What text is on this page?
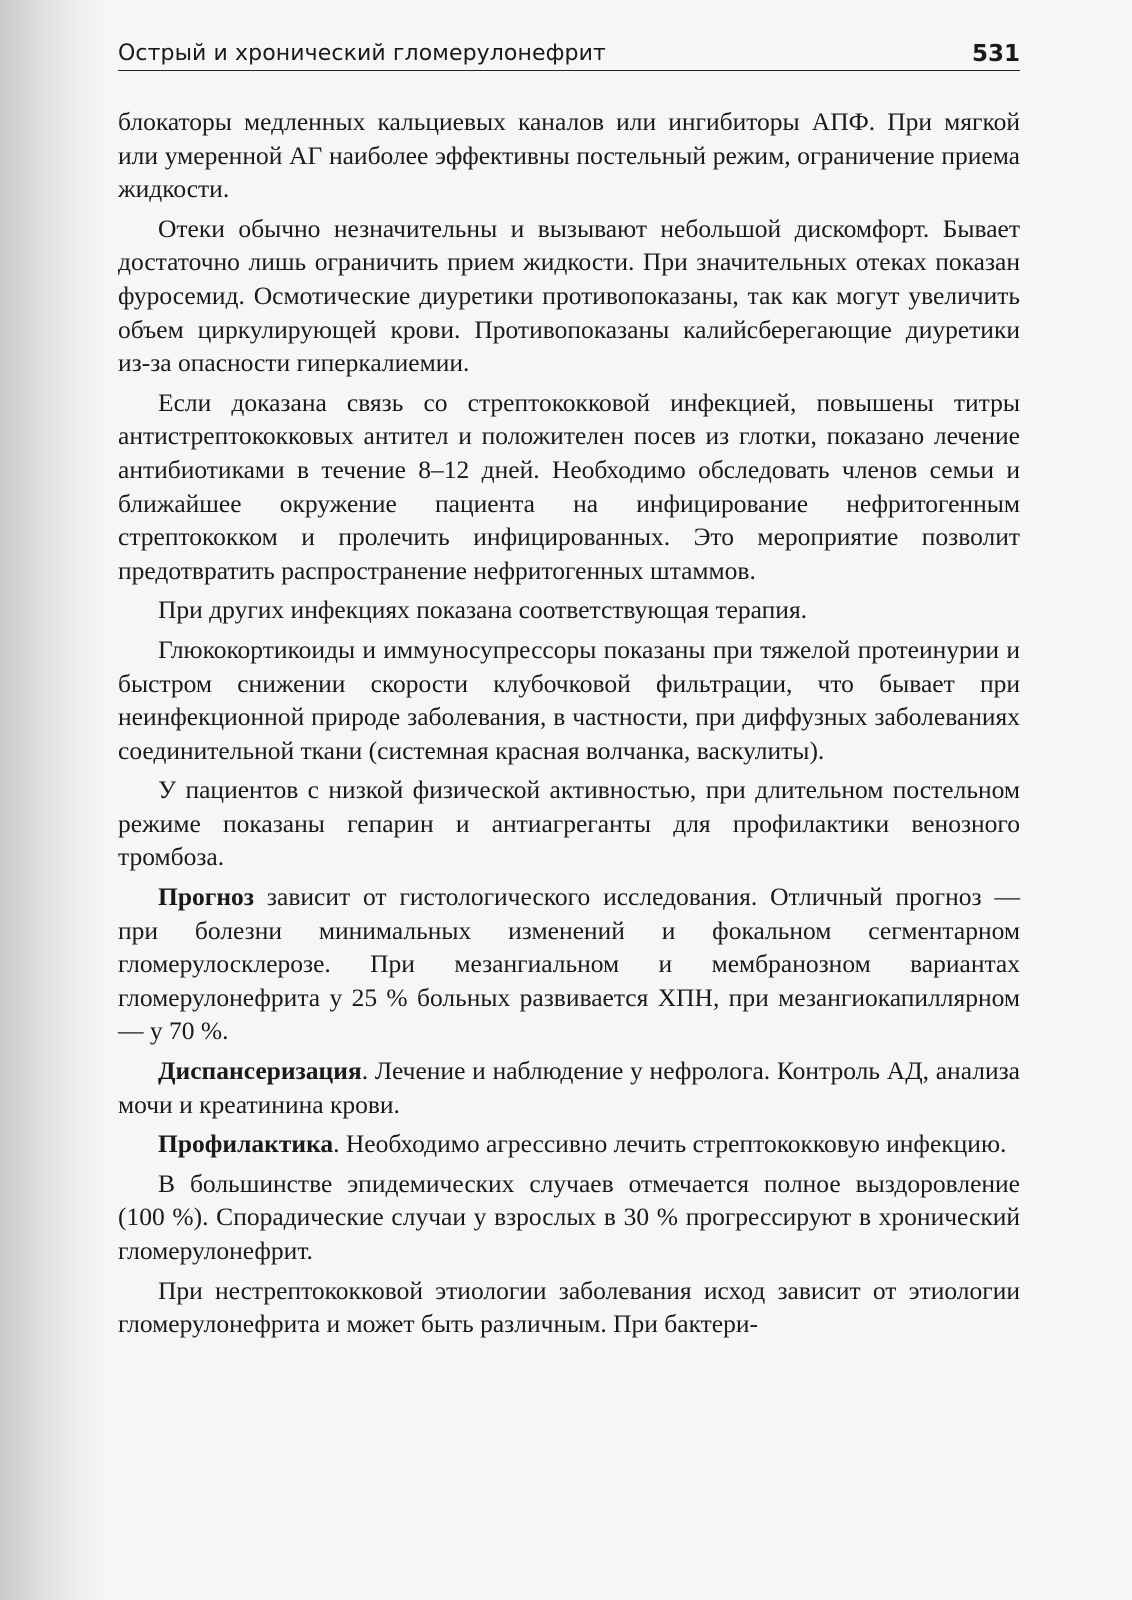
Острый и хронический гломерулонефрит	531

блокаторы медленных кальциевых каналов или ингибиторы АПФ. При мягкой или умеренной АГ наиболее эффективны постельный режим, ограничение приема жидкости.

Отеки обычно незначительны и вызывают небольшой дискомфорт. Бывает достаточно лишь ограничить прием жидкости. При значительных отеках показан фуросемид. Осмотические диуретики противопоказаны, так как могут увеличить объем циркулирующей крови. Противопоказаны калийсберегающие диуретики из-за опасности гиперкалиемии.

Если доказана связь со стрептококковой инфекцией, повышены титры антистрептококковых антител и положителен посев из глотки, показано лечение антибиотиками в течение 8–12 дней. Необходимо обследовать членов семьи и ближайшее окружение пациента на инфицирование нефритогенным стрептококком и пролечить инфицированных. Это мероприятие позволит предотвратить распространение нефритогенных штаммов.

При других инфекциях показана соответствующая терапия.

Глюкокортикоиды и иммуносупрессоры показаны при тяжелой протеинурии и быстром снижении скорости клубочковой фильтрации, что бывает при неинфекционной природе заболевания, в частности, при диффузных заболеваниях соединительной ткани (системная красная волчанка, васкулиты).

У пациентов с низкой физической активностью, при длительном постельном режиме показаны гепарин и антиагреганты для профилактики венозного тромбоза.

Прогноз зависит от гистологического исследования. Отличный прогноз — при болезни минимальных изменений и фокальном сегментарном гломерулосклерозе. При мезангиальном и мембранозном вариантах гломерулонефрита у 25 % больных развивается ХПН, при мезангиокапиллярном — у 70 %.

Диспансеризация. Лечение и наблюдение у нефролога. Контроль АД, анализа мочи и креатинина крови.

Профилактика. Необходимо агрессивно лечить стрептококковую инфекцию.

В большинстве эпидемических случаев отмечается полное выздоровление (100 %). Спорадические случаи у взрослых в 30 % прогрессируют в хронический гломерулонефрит.

При нестрептококковой этиологии заболевания исход зависит от этиологии гломерулонефрита и может быть различным. При бактери-
